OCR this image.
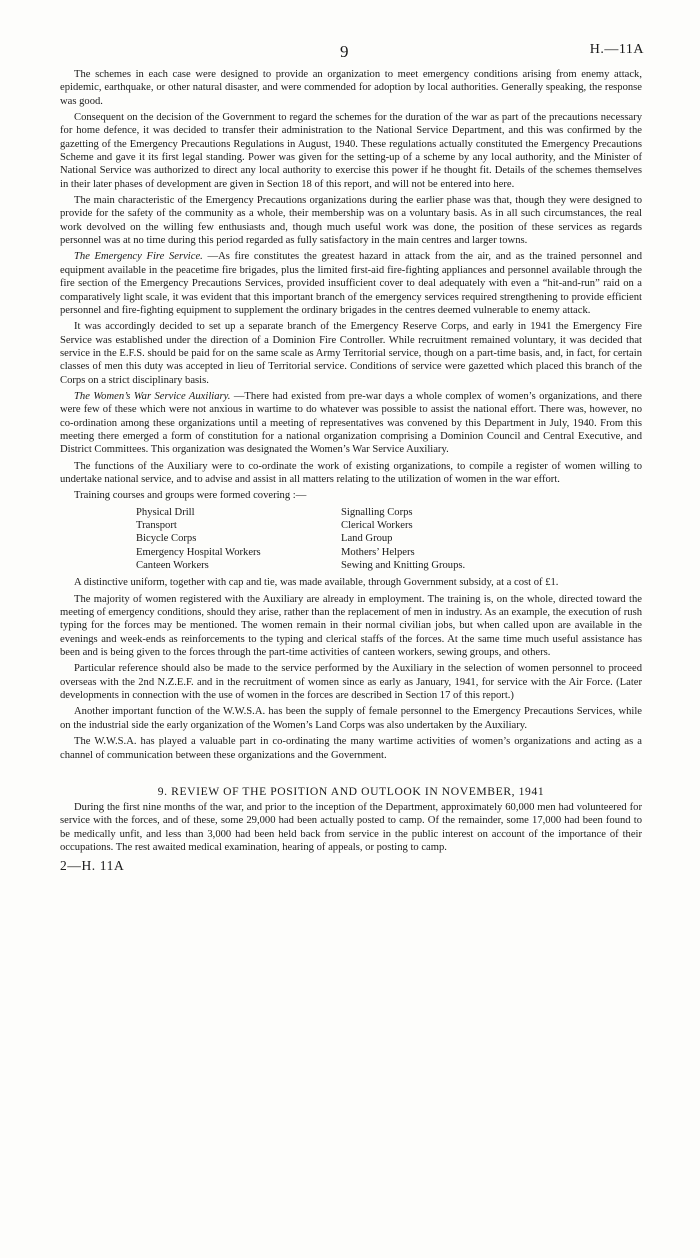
9	H.—11A

The schemes in each case were designed to provide an organization to meet emergency conditions arising from enemy attack, epidemic, earthquake, or other natural disaster, and were commended for adoption by local authorities. Generally speaking, the response was good.

Consequent on the decision of the Government to regard the schemes for the duration of the war as part of the precautions necessary for home defence, it was decided to transfer their administration to the National Service Department, and this was confirmed by the gazetting of the Emergency Precautions Regulations in August, 1940. These regulations actually constituted the Emergency Precautions Scheme and gave it its first legal standing. Power was given for the setting-up of a scheme by any local authority, and the Minister of National Service was authorized to direct any local authority to exercise this power if he thought fit. Details of the schemes themselves in their later phases of development are given in Section 18 of this report, and will not be entered into here.

The main characteristic of the Emergency Precautions organizations during the earlier phase was that, though they were designed to provide for the safety of the community as a whole, their membership was on a voluntary basis. As in all such circumstances, the real work devolved on the willing few enthusiasts and, though much useful work was done, the position of these services as regards personnel was at no time during this period regarded as fully satisfactory in the main centres and larger towns.

The Emergency Fire Service. —As fire constitutes the greatest hazard in attack from the air, and as the trained personnel and equipment available in the peacetime fire brigades, plus the limited first-aid fire-fighting appliances and personnel available through the fire section of the Emergency Precautions Services, provided insufficient cover to deal adequately with even a “hit-and-run” raid on a comparatively light scale, it was evident that this important branch of the emergency services required strengthening to provide efficient personnel and fire-fighting equipment to supplement the ordinary brigades in the centres deemed vulnerable to enemy attack.

It was accordingly decided to set up a separate branch of the Emergency Reserve Corps, and early in 1941 the Emergency Fire Service was established under the direction of a Dominion Fire Controller. While recruitment remained voluntary, it was decided that service in the E.F.S. should be paid for on the same scale as Army Territorial service, though on a part-time basis, and, in fact, for certain classes of men this duty was accepted in lieu of Territorial service. Conditions of service were gazetted which placed this branch of the Corps on a strict disciplinary basis.

The Women’s War Service Auxiliary. —There had existed from pre-war days a whole complex of women’s organizations, and there were few of these which were not anxious in wartime to do whatever was possible to assist the national effort. There was, however, no co-ordination among these organizations until a meeting of representatives was convened by this Department in July, 1940. From this meeting there emerged a form of constitution for a national organization comprising a Dominion Council and Central Executive, and District Committees. This organization was designated the Women’s War Service Auxiliary.

The functions of the Auxiliary were to co-ordinate the work of existing organizations, to compile a register of women willing to undertake national service, and to advise and assist in all matters relating to the utilization of women in the war effort.

Training courses and groups were formed covering :—

Physical Drill	Signalling Corps
Transport	Clerical Workers
Bicycle Corps	Land Group
Emergency Hospital Workers	Mothers’ Helpers
Canteen Workers	Sewing and Knitting Groups.

A distinctive uniform, together with cap and tie, was made available, through Government subsidy, at a cost of £1.

The majority of women registered with the Auxiliary are already in employment. The training is, on the whole, directed toward the meeting of emergency conditions, should they arise, rather than the replacement of men in industry. As an example, the execution of rush typing for the forces may be mentioned. The women remain in their normal civilian jobs, but when called upon are available in the evenings and week-ends as reinforcements to the typing and clerical staffs of the forces. At the same time much useful assistance has been and is being given to the forces through the part-time activities of canteen workers, sewing groups, and others.

Particular reference should also be made to the service performed by the Auxiliary in the selection of women personnel to proceed overseas with the 2nd N.Z.E.F. and in the recruitment of women since as early as January, 1941, for service with the Air Force. (Later developments in connection with the use of women in the forces are described in Section 17 of this report.)

Another important function of the W.W.S.A. has been the supply of female personnel to the Emergency Precautions Services, while on the industrial side the early organization of the Women’s Land Corps was also undertaken by the Auxiliary.

The W.W.S.A. has played a valuable part in co-ordinating the many wartime activities of women’s organizations and acting as a channel of communication between these organizations and the Government.

9. REVIEW OF THE POSITION AND OUTLOOK IN NOVEMBER, 1941

During the first nine months of the war, and prior to the inception of the Department, approximately 60,000 men had volunteered for service with the forces, and of these, some 29,000 had been actually posted to camp. Of the remainder, some 17,000 had been found to be medically unfit, and less than 3,000 had been held back from service in the public interest on account of the importance of their occupations. The rest awaited medical examination, hearing of appeals, or posting to camp.

2—H. 11A
